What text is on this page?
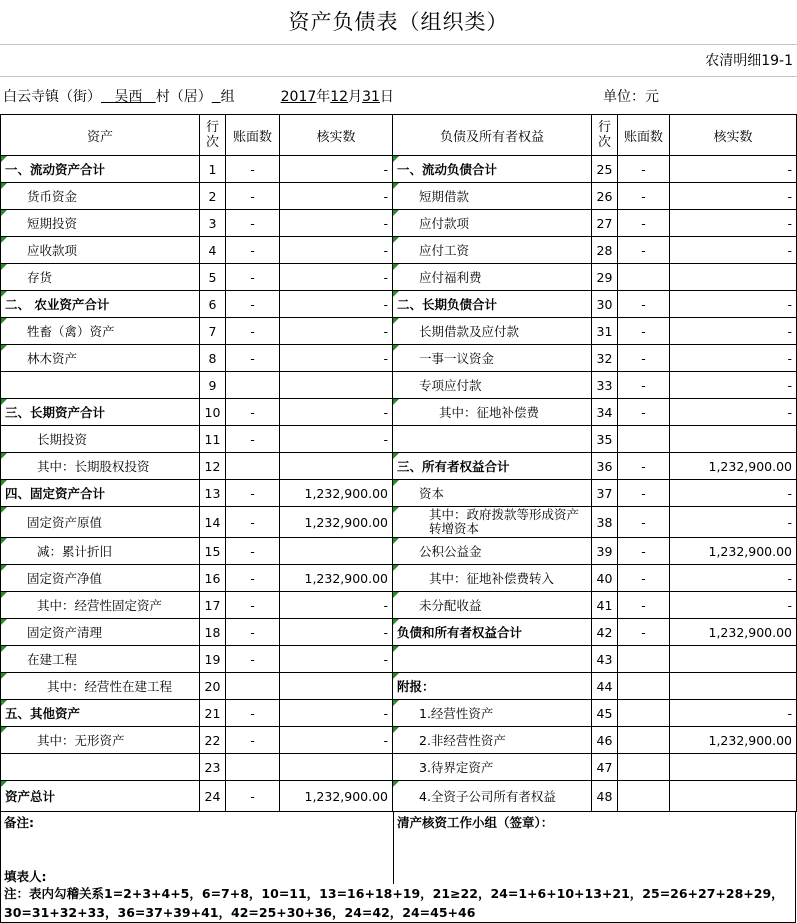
资产负债表（组织类）
农清明细19-1
白云寺镇（街） 吴西 村（居） 组	2017年12月31日	单位：元
资产	行次	账面数	核实数	负债及所有者权益	行次	账面数	核实数
一、流动资产合计	1	-	-	一、流动负债合计	25	-	-
货币资金	2	-	-	短期借款	26	-	-
短期投资	3	-	-	应付款项	27	-	-
应收款项	4	-	-	应付工资	28	-	-
存货	5	-	-	应付福利费	29		
二、 农业资产合计	6	-	-	二、长期负债合计	30	-	-
牲畜（禽）资产	7	-	-	长期借款及应付款	31	-	-
林木资产	8	-	-	一事一议资金	32	-	-
	9			专项应付款	33	-	-
三、长期资产合计	10	-	-	其中：征地补偿费	34	-	-
长期投资	11	-	-		35		
其中：长期股权投资	12			三、所有者权益合计	36	-	1,232,900.00
四、固定资产合计	13	-	1,232,900.00	资本	37	-	-
固定资产原值	14	-	1,232,900.00	其中：政府拨款等形成资产转增资本	38	-	-
减：累计折旧	15	-		公积公益金	39	-	1,232,900.00
固定资产净值	16	-	1,232,900.00	其中：征地补偿费转入	40	-	-
其中：经营性固定资产	17	-	-	未分配收益	41	-	-
固定资产清理	18	-	-	负债和所有者权益合计	42	-	1,232,900.00
在建工程	19	-	-		43		
其中：经营性在建工程	20			附报：	44		
五、其他资产	21	-	-	1.经营性资产	45		-
其中：无形资产	22	-	-	2.非经营性资产	46		1,232,900.00
	23			3.待界定资产	47		
资产总计	24	-	1,232,900.00	4.全资子公司所有者权益	48		
备注:
填表人:
清产核资工作小组（签章）：
注：表内勾稽关系1=2+3+4+5，6=7+8，10=11，13=16+18+19，21≥22，24=1+6+10+13+21，25=26+27+28+29，
30=31+32+33，36=37+39+41，42=25+30+36，24=42，24=45+46
